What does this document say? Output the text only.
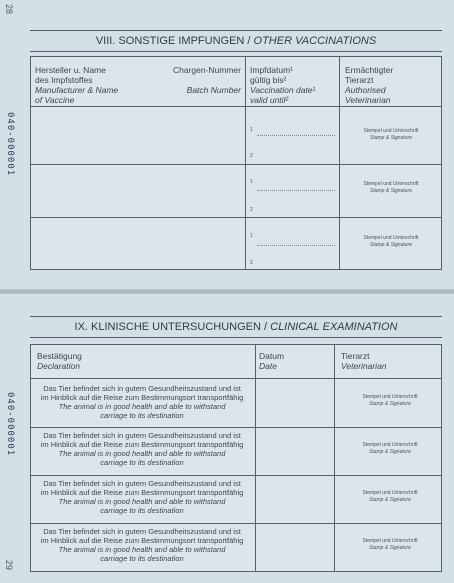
28
040-000001
VIII. SONSTIGE IMPFUNGEN / OTHER VACCINATIONS
Hersteller u. Name
des Impfstoffes
Manufacturer & Name
of Vaccine
Chargen-Nummer
Batch Number
Impfdatum¹
gültig bis²
Vaccination date¹
valid until²
Ermächtigter
Tierarzt
Authorised
Veterinarian
1
2
Stempel und Unterschrift
Stamp & Signature
1
2
Stempel und Unterschrift
Stamp & Signature
1
2
Stempel und Unterschrift
Stamp & Signature
29
040-000001
IX. KLINISCHE UNTERSUCHUNGEN / CLINICAL EXAMINATION
Bestätigung
Declaration
Datum
Date
Tierarzt
Veterinarian
Das Tier befindet sich in gutem Gesundheitszustand und ist
im Hinblick auf die Reise zum Bestimmungsort transportfähig
The animal is in good health and able to withstand
carriage to its destination
Stempel und Unterschrift
Stamp & Signature
Das Tier befindet sich in gutem Gesundheitszustand und ist
im Hinblick auf die Reise zum Bestimmungsort transportfähig
The animal is in good health and able to withstand
carriage to its destination
Stempel und Unterschrift
Stamp & Signature
Das Tier befindet sich in gutem Gesundheitszustand und ist
im Hinblick auf die Reise zum Bestimmungsort transportfähig
The animal is in good health and able to withstand
carriage to its destination
Stempel und Unterschrift
Stamp & Signature
Das Tier befindet sich in gutem Gesundheitszustand und ist
im Hinblick auf die Reise zum Bestimmungsort transportfähig
The animal is in good health and able to withstand
carriage to its destination
Stempel und Unterschrift
Stamp & Signature
